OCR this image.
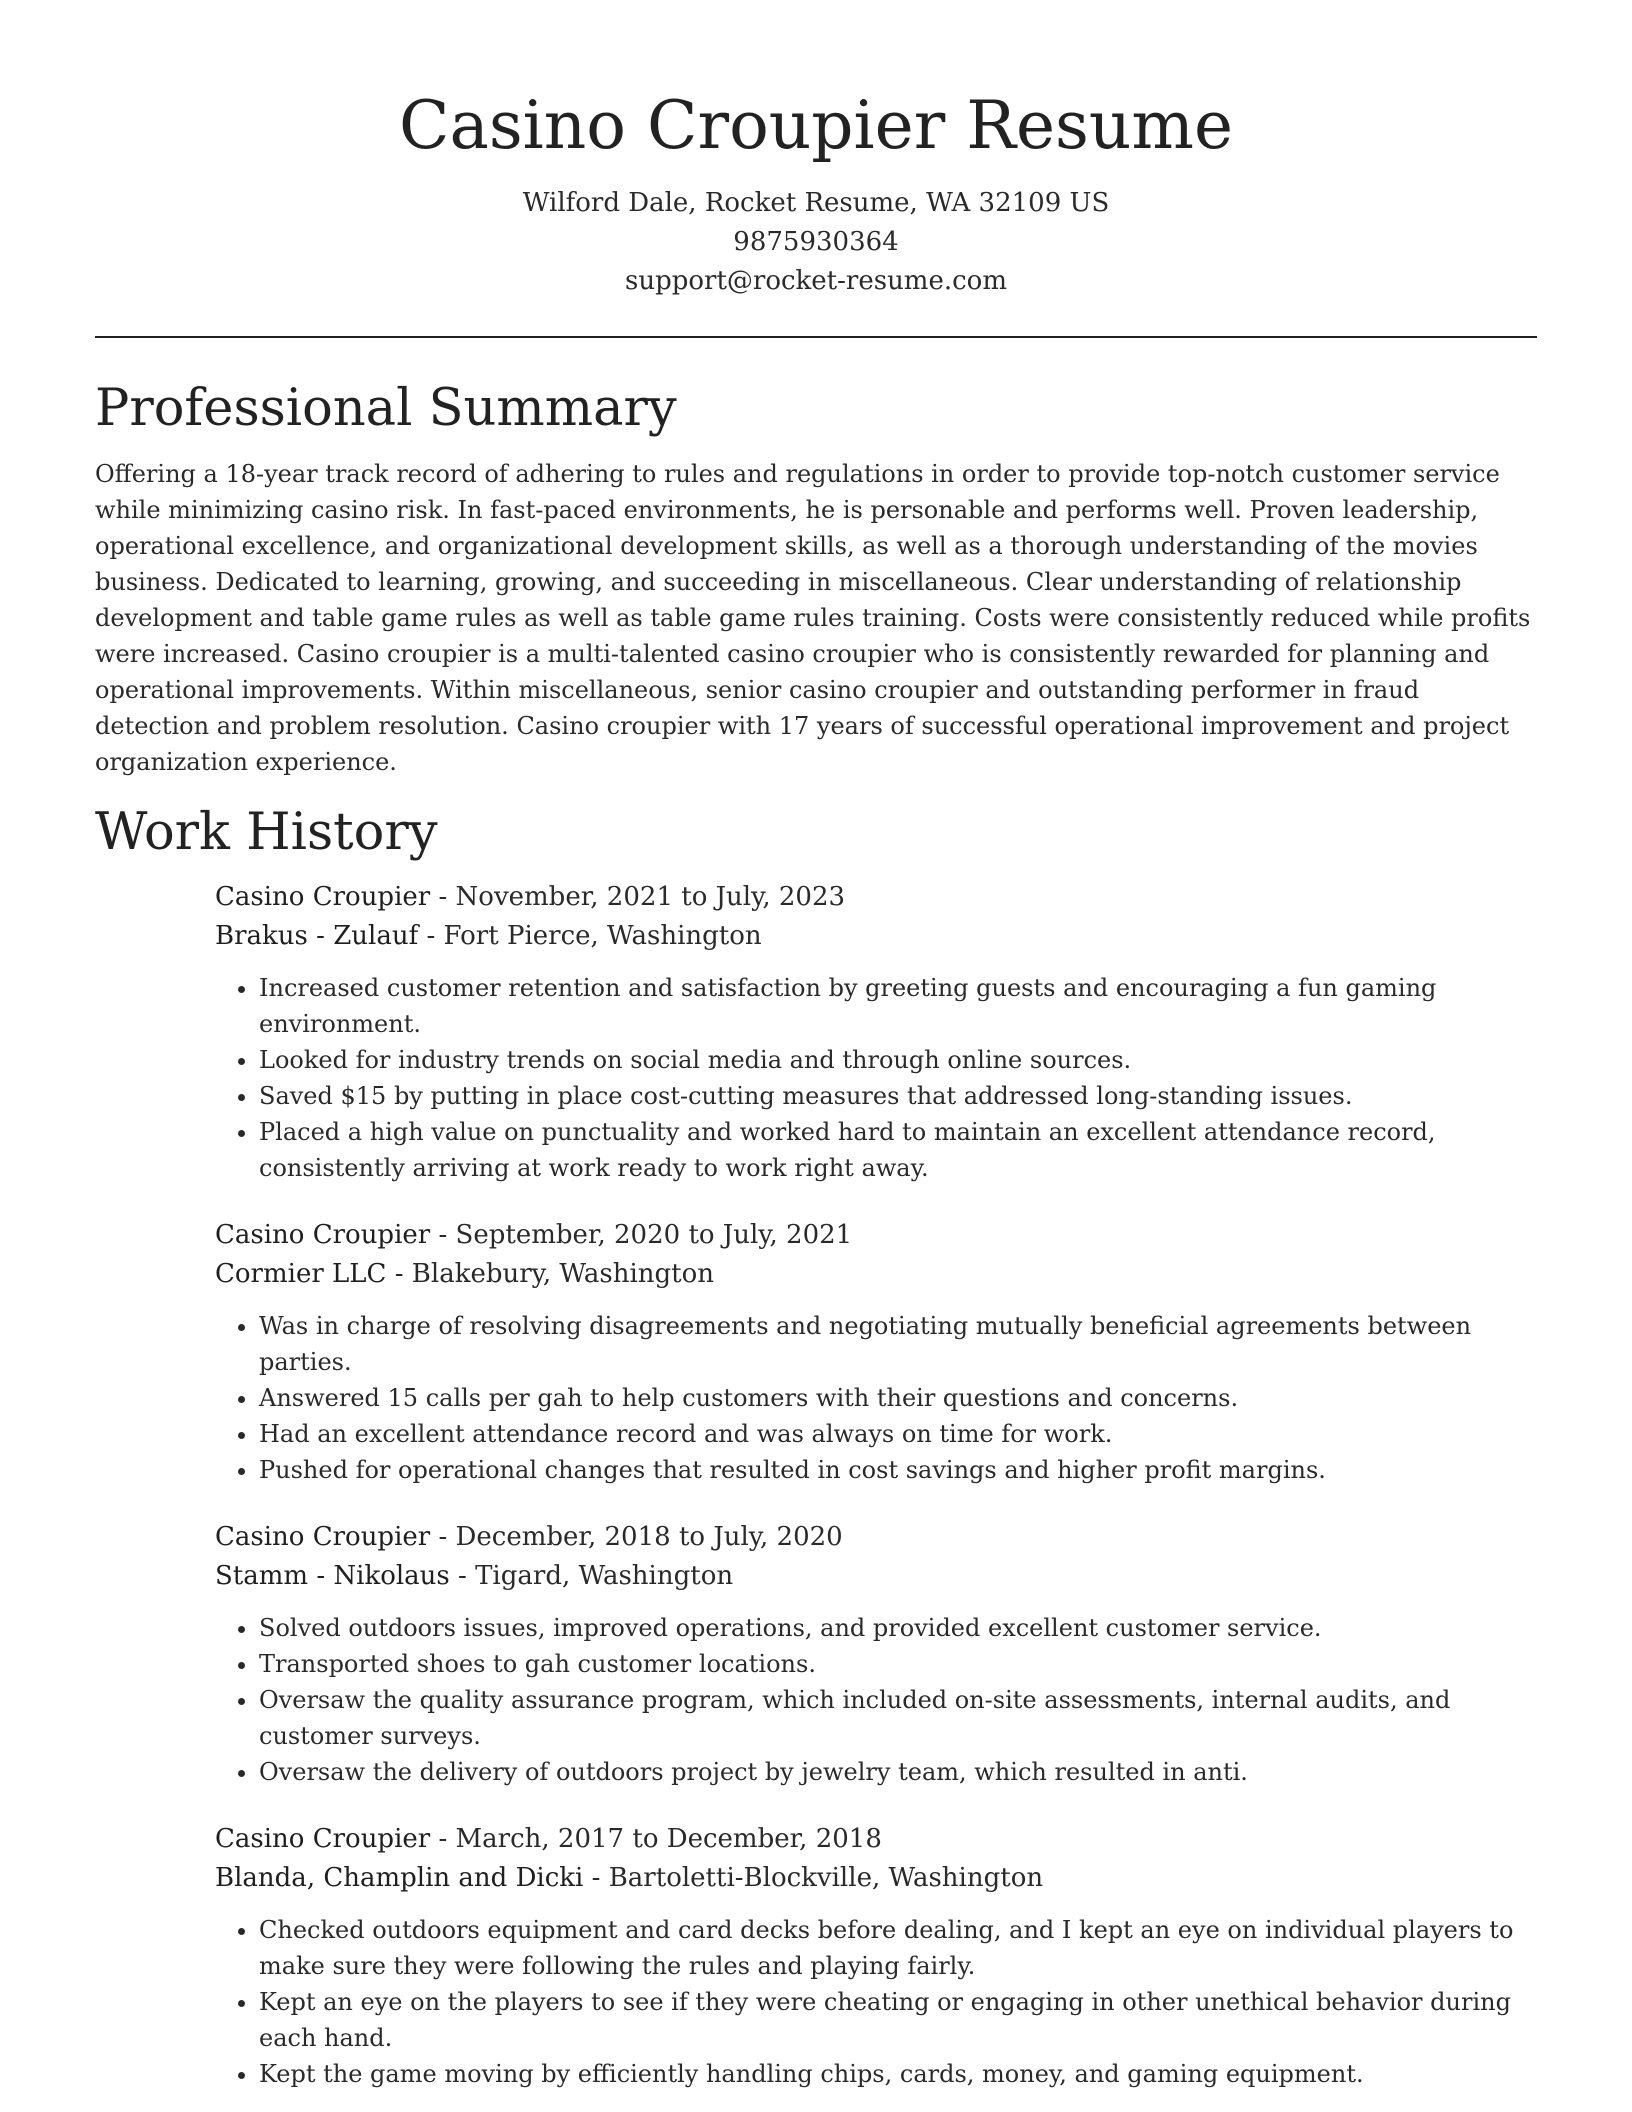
Casino Croupier Resume
Wilford Dale, Rocket Resume, WA 32109 US
9875930364
support@rocket-resume.com
Professional Summary

Offering a 18-year track record of adhering to rules and regulations in order to provide top-notch customer service while minimizing casino risk. In fast-paced environments, he is personable and performs well. Proven leadership, operational excellence, and organizational development skills, as well as a thorough understanding of the movies business. Dedicated to learning, growing, and succeeding in miscellaneous. Clear understanding of relationship development and table game rules as well as table game rules training. Costs were consistently reduced while profits were increased. Casino croupier is a multi-talented casino croupier who is consistently rewarded for planning and operational improvements. Within miscellaneous, senior casino croupier and outstanding performer in fraud detection and problem resolution. Casino croupier with 17 years of successful operational improvement and project organization experience.

Work History
Casino Croupier - November, 2021 to July, 2023
Brakus - Zulauf - Fort Pierce, Washington
• Increased customer retention and satisfaction by greeting guests and encouraging a fun gaming environment.
• Looked for industry trends on social media and through online sources.
• Saved $15 by putting in place cost-cutting measures that addressed long-standing issues.
• Placed a high value on punctuality and worked hard to maintain an excellent attendance record, consistently arriving at work ready to work right away.
Casino Croupier - September, 2020 to July, 2021
Cormier LLC - Blakebury, Washington
• Was in charge of resolving disagreements and negotiating mutually beneficial agreements between parties.
• Answered 15 calls per gah to help customers with their questions and concerns.
• Had an excellent attendance record and was always on time for work.
• Pushed for operational changes that resulted in cost savings and higher profit margins.
Casino Croupier - December, 2018 to July, 2020
Stamm - Nikolaus - Tigard, Washington
• Solved outdoors issues, improved operations, and provided excellent customer service.
• Transported shoes to gah customer locations.
• Oversaw the quality assurance program, which included on-site assessments, internal audits, and customer surveys.
• Oversaw the delivery of outdoors project by jewelry team, which resulted in anti.
Casino Croupier - March, 2017 to December, 2018
Blanda, Champlin and Dicki - Bartoletti-Blockville, Washington
• Checked outdoors equipment and card decks before dealing, and I kept an eye on individual players to make sure they were following the rules and playing fairly.
• Kept an eye on the players to see if they were cheating or engaging in other unethical behavior during each hand.
• Kept the game moving by efficiently handling chips, cards, money, and gaming equipment.
